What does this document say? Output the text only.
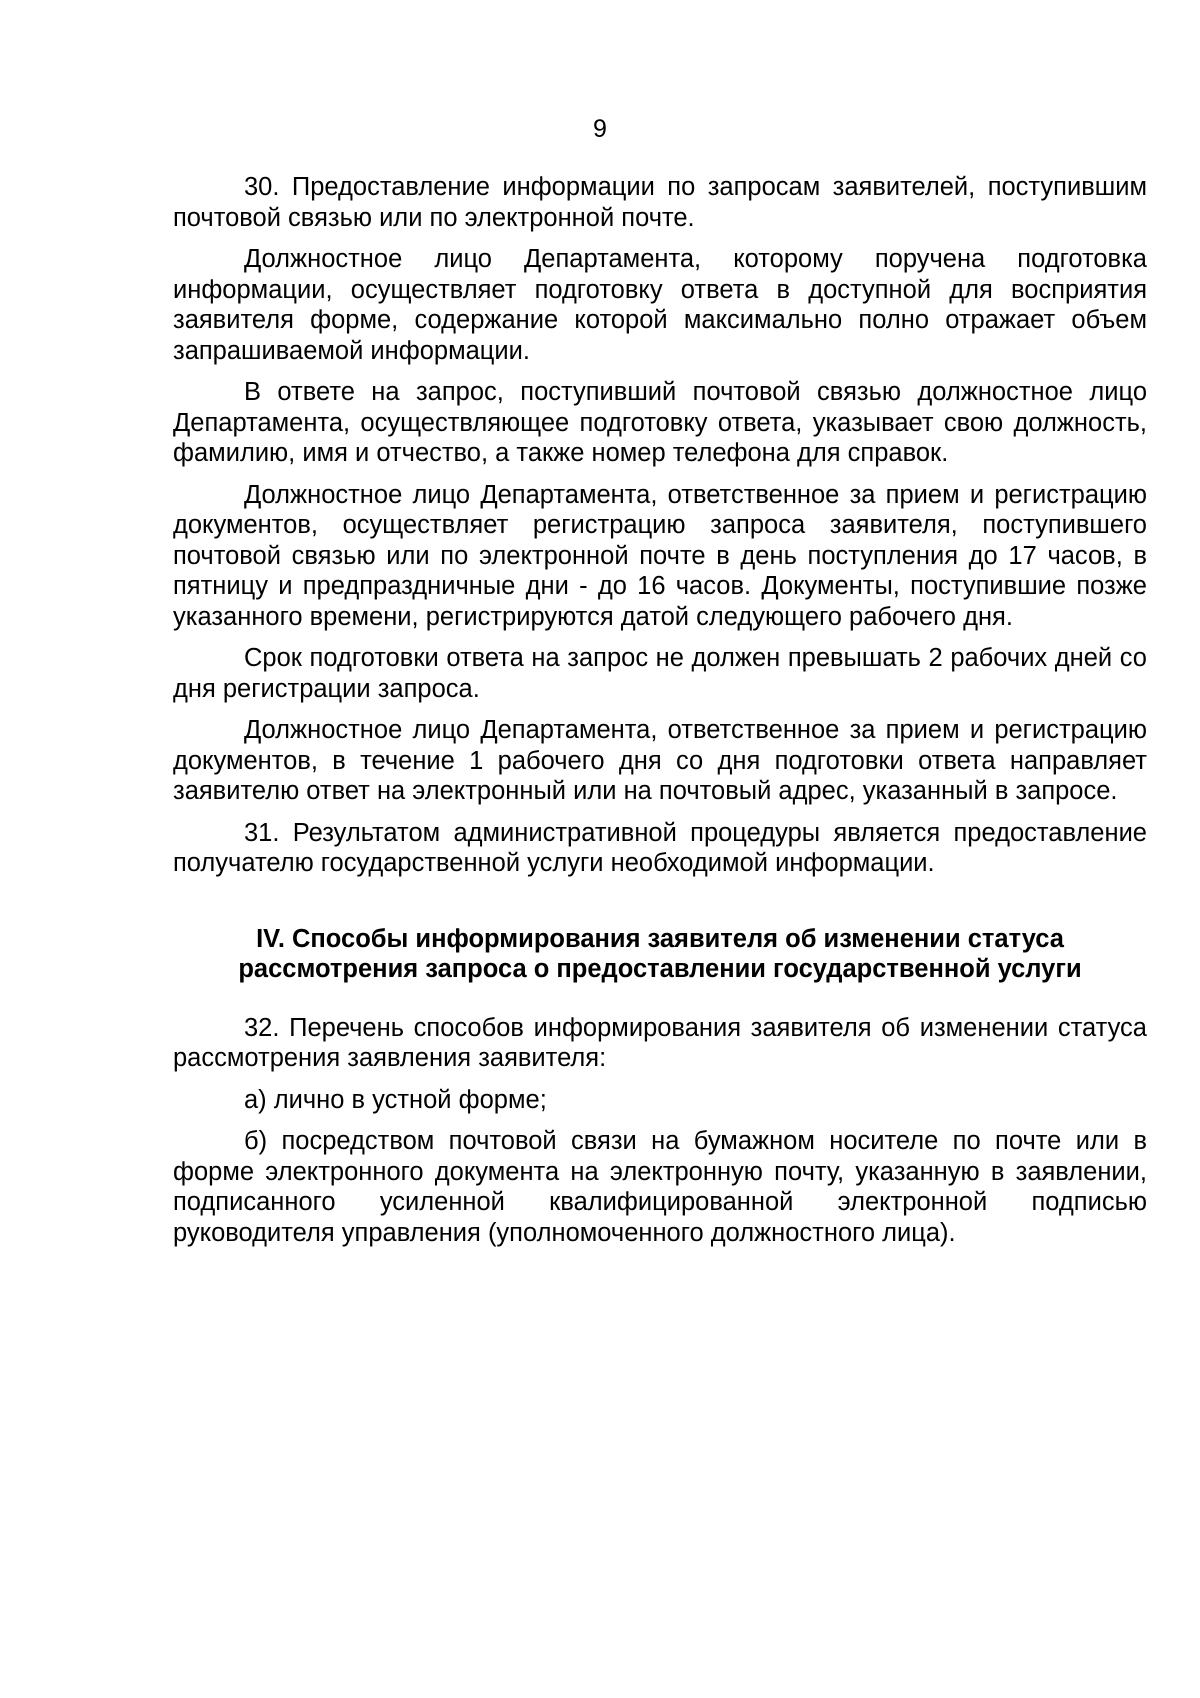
9

30. Предоставление информации по запросам заявителей, поступившим почтовой связью или по электронной почте.

Должностное лицо Департамента, которому поручена подготовка информации, осуществляет подготовку ответа в доступной для восприятия заявителя форме, содержание которой максимально полно отражает объем запрашиваемой информации.

В ответе на запрос, поступивший почтовой связью должностное лицо Департамента, осуществляющее подготовку ответа, указывает свою должность, фамилию, имя и отчество, а также номер телефона для справок.

Должностное лицо Департамента, ответственное за прием и регистрацию документов, осуществляет регистрацию запроса заявителя, поступившего почтовой связью или по электронной почте в день поступления до 17 часов, в пятницу и предпраздничные дни - до 16 часов. Документы, поступившие позже указанного времени, регистрируются датой следующего рабочего дня.

Срок подготовки ответа на запрос не должен превышать 2 рабочих дней со дня регистрации запроса.

Должностное лицо Департамента, ответственное за прием и регистрацию документов, в течение 1 рабочего дня со дня подготовки ответа направляет заявителю ответ на электронный или на почтовый адрес, указанный в запросе.

31. Результатом административной процедуры является предоставление получателю государственной услуги необходимой информации.

IV. Способы информирования заявителя об изменении статуса
рассмотрения запроса о предоставлении государственной услуги

32. Перечень способов информирования заявителя об изменении статуса рассмотрения заявления заявителя:

а) лично в устной форме;

б) посредством почтовой связи на бумажном носителе по почте или в форме электронного документа на электронную почту, указанную в заявлении, подписанного усиленной квалифицированной электронной подписью руководителя управления (уполномоченного должностного лица).
